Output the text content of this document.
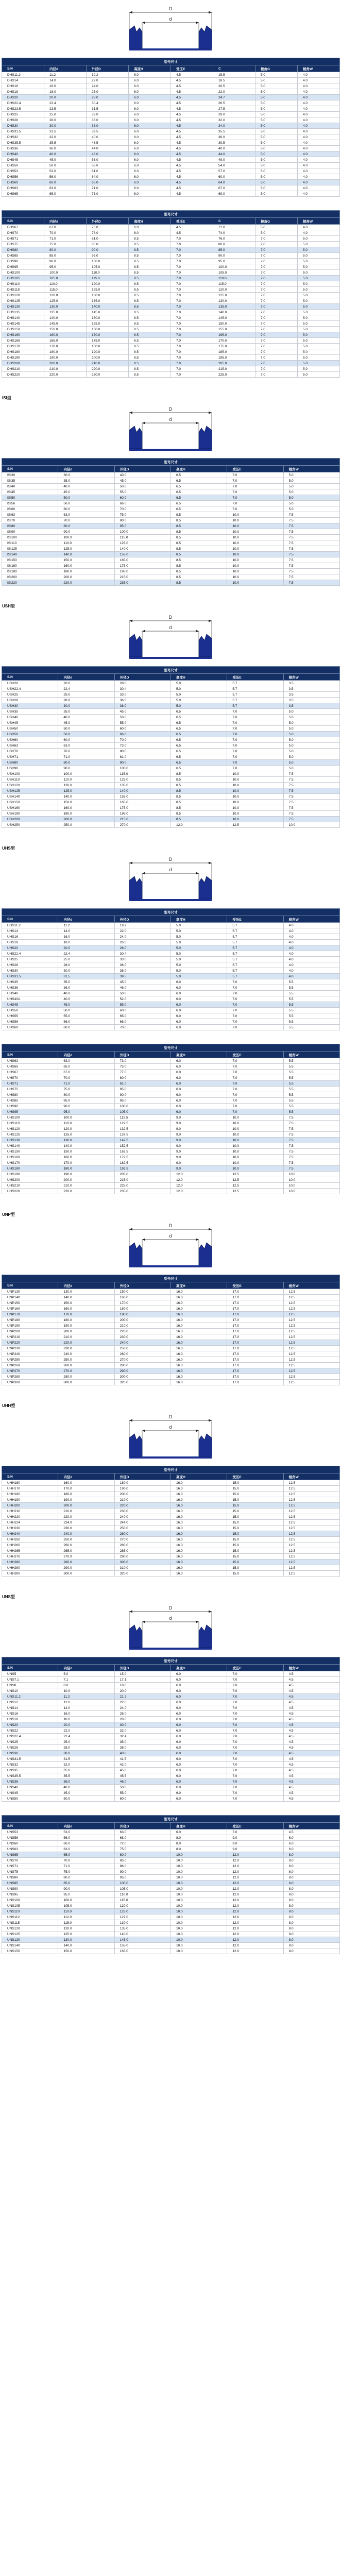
D
d
型号尺寸							
S/N	内径d	外径D	高度H	受压E	C	棱角G	棱角W
DHS11.2	11.2	19.2	6.0	4.5	15.5	5.0	4.0
DHS14	14.0	22.0	6.0	4.5	18.5	5.0	4.0
DHS16	16.0	24.0	6.0	4.5	20.5	5.0	4.0
DHS18	18.0	26.0	6.0	4.5	22.0	5.0	4.0
DHS20	20.0	28.0	6.0	4.5	24.7	5.0	4.0
DHS22.4	22.4	30.4	6.0	4.5	26.5	5.0	4.0
DHS23.5	23.5	31.5	6.0	4.5	27.5	5.0	4.0
DHS25	25.0	33.0	6.0	4.5	29.0	5.0	4.0
DHS28	28.0	36.0	6.0	4.5	32.0	5.0	4.0
DHS30	30.0	38.0	6.0	4.5	34.0	5.0	4.0
DHS31.5	31.5	39.5	6.0	4.5	35.5	5.0	4.0
DHS32	32.0	40.0	6.0	4.5	36.0	5.0	4.0
DHS35.5	35.5	43.5	6.0	4.5	39.5	5.0	4.0
DHS36	36.0	44.0	6.0	4.5	40.0	5.0	4.0
DHS40	40.0	48.0	6.0	4.5	44.0	5.0	4.0
DHS45	45.0	53.0	6.0	4.5	49.0	5.0	4.0
DHS50	50.0	58.0	6.0	4.5	54.0	5.0	4.0
DHS53	53.0	61.0	6.0	4.5	57.0	5.0	4.0
DHS56	56.0	64.0	6.0	4.5	60.0	5.0	4.0
DHS60	60.0	68.0	6.0	4.5	64.0	5.0	4.0
DHS63	63.0	71.0	6.0	4.5	67.0	5.0	4.0
DHS65	65.0	73.0	6.0	4.5	69.0	5.0	4.0
型号尺寸							
S/N	内径d	外径D	高度H	受压E	C	棱角G	棱角W
DHS67	67.0	75.0	6.0	4.5	71.0	5.0	4.0
DHS70	70.0	78.0	6.0	4.5	74.0	5.0	4.0
DHS71	71.0	81.0	8.5	7.0	76.0	7.0	5.0
DHS75	75.0	85.0	8.5	7.0	80.0	7.0	5.0
DHS80	80.0	90.0	8.5	7.0	85.0	7.0	5.0
DHS85	85.0	95.0	8.5	7.0	90.0	7.0	5.0
DHS90	90.0	100.0	8.5	7.0	95.0	7.0	5.0
DHS95	95.0	105.0	8.5	7.0	100.0	7.0	5.0
DHS100	100.0	110.0	8.5	7.0	105.0	7.0	5.0
DHS105	105.0	115.0	8.5	7.0	110.0	7.0	5.0
DHS110	110.0	120.0	8.5	7.0	115.0	7.0	5.0
DHS115	115.0	125.0	8.5	7.0	120.0	7.0	5.0
DHS120	120.0	130.0	8.5	7.0	125.0	7.0	5.0
DHS125	125.0	135.0	8.5	7.0	130.0	7.0	5.0
DHS130	130.0	140.0	8.5	7.0	135.0	7.0	5.0
DHS135	135.0	145.0	8.5	7.0	140.0	7.0	5.0
DHS140	140.0	150.0	8.5	7.0	145.0	7.0	5.0
DHS145	145.0	155.0	8.5	7.0	150.0	7.0	5.0
DHS150	150.0	160.0	8.5	7.0	155.0	7.0	5.0
DHS160	160.0	170.0	8.5	7.0	165.0	7.0	5.0
DHS165	165.0	175.0	8.5	7.0	170.0	7.0	5.0
DHS170	170.0	180.0	8.5	7.0	175.0	7.0	5.0
DHS180	180.0	190.0	8.5	7.0	185.0	7.0	5.0
DHS190	190.0	200.0	8.5	7.0	195.0	7.0	5.0
DHS200	200.0	210.0	8.5	7.0	205.0	7.0	5.0
DHS210	210.0	220.0	8.5	7.0	215.0	7.0	5.0
DHS220	220.0	230.0	8.5	7.0	225.0	7.0	5.0
ISI型
D
d
型号尺寸					
S/N	内径d	外径D	高度H	受压E	棱角W
ISI30	30.0	40.0	6.5	7.0	5.0
ISI35	35.0	45.0	6.5	7.0	5.0
ISI40	40.0	50.0	6.5	7.0	5.0
ISI45	45.0	55.0	6.5	7.0	5.0
ISI50	50.0	60.0	6.5	7.0	5.0
ISI56	56.0	66.0	6.5	7.0	5.0
ISI60	60.0	70.0	6.5	7.0	5.0
ISI63	63.0	75.0	8.5	10.0	7.5
ISI70	70.0	80.0	8.5	10.0	7.5
ISI80	80.0	95.0	8.5	10.0	7.5
ISI90	90.0	100.0	8.5	10.0	7.5
ISI100	100.0	115.0	8.5	10.0	7.5
ISI110	110.0	125.0	8.5	10.0	7.5
ISI125	125.0	140.0	8.5	10.0	7.5
ISI140	140.0	155.0	8.5	10.0	7.5
ISI150	150.0	165.0	8.5	10.0	7.5
ISI160	160.0	175.0	8.5	10.0	7.5
ISI180	180.0	195.0	8.5	10.0	7.5
ISI200	200.0	215.0	8.5	10.0	7.5
ISI220	220.0	235.0	8.5	10.0	7.5
USH型
D
d
型号尺寸					
S/N	内径d	外径D	高度H	受压E	棱角W
USH20	20.0	28.0	5.0	5.7	3.5
USH22.4	22.4	30.4	5.0	5.7	3.5
USH25	25.0	33.0	5.0	5.7	3.5
USH28	28.0	36.0	5.0	5.7	3.5
USH30	30.0	38.0	5.0	5.7	3.5
USH35	35.0	45.0	6.5	7.0	5.0
USH40	40.0	50.0	6.5	7.0	5.0
USH45	45.0	55.0	6.5	7.0	5.0
USH50	50.0	60.0	6.5	7.0	5.0
USH56	56.0	66.0	6.5	7.0	5.0
USH60	60.0	70.0	6.5	7.0	5.0
USH63	63.0	73.0	6.5	7.0	5.0
USH70	70.0	80.0	6.5	7.0	5.0
USH71	71.0	81.0	6.5	7.0	5.0
USH80	80.0	90.0	6.5	7.0	5.0
USH90	90.0	100.0	6.5	7.0	5.0
USH100	100.0	115.0	8.5	10.0	7.5
USH110	110.0	125.0	8.5	10.0	7.5
USH120	120.0	135.0	8.5	10.0	7.5
USH125	125.0	140.0	8.5	10.0	7.5
USH140	140.0	155.0	8.5	10.0	7.5
USH150	150.0	165.0	8.5	10.0	7.5
USH160	160.0	175.0	8.5	10.0	7.5
USH180	180.0	195.0	8.5	10.0	7.5
USH200	200.0	215.0	8.5	10.0	7.5
USH250	250.0	270.0	12.0	12.5	10.0
UHS型
D
d
型号尺寸					
S/N	内径d	外径D	高度H	受压E	棱角W
UHS11.2	11.2	19.2	5.0	5.7	4.0
UHS14	14.0	22.0	5.0	5.7	4.0
UHS16	16.0	24.0	5.0	5.7	4.0
UHS18	18.0	26.0	5.0	5.7	4.0
UHS20	20.0	28.0	5.0	5.7	4.0
UHS22.4	22.4	30.4	5.0	5.7	4.0
UHS25	25.0	33.0	5.0	5.7	4.0
UHS28	28.0	36.0	5.0	5.7	4.0
UHS30	30.0	38.0	5.0	5.7	4.0
UHS31.5	31.5	39.5	5.0	5.7	4.0
UHS35	35.0	45.0	6.0	7.0	5.5
UHS36	36.0	46.0	6.0	7.0	5.5
UHS40	40.0	50.0	6.0	7.0	5.5
UHS40A	40.0	52.0	6.0	7.0	5.5
UHS45	45.0	55.0	6.0	7.0	5.5
UHS50	50.0	60.0	6.0	7.0	5.5
UHS55	55.0	65.0	6.0	7.0	5.5
UHS56	56.0	66.0	6.0	7.0	5.5
UHS60	60.0	70.0	6.0	7.0	5.5
型号尺寸					
S/N	内径d	外径D	高度H	受压E	棱角W
UHS63	63.0	73.0	6.0	7.0	5.5
UHS65	65.0	75.0	6.0	7.0	5.5
UHS67	67.0	77.0	6.0	7.0	5.5
UHS70	70.0	80.0	6.0	7.0	5.5
UHS71	71.0	81.0	6.0	7.0	5.5
UHS75	75.0	85.0	6.0	7.0	5.5
UHS80	80.0	90.0	6.0	7.0	5.5
UHS85	85.0	95.0	6.0	7.0	5.5
UHS90	90.0	100.0	6.0	7.0	5.5
UHS95	95.0	105.0	6.0	7.0	5.5
UHS100	100.0	112.5	9.0	10.0	7.5
UHS110	110.0	122.5	9.0	10.0	7.5
UHS120	120.0	132.5	9.0	10.0	7.5
UHS125	125.0	137.5	9.0	10.0	7.5
UHS130	130.0	142.5	9.0	10.0	7.5
UHS140	140.0	152.5	9.0	10.0	7.5
UHS150	150.0	162.5	9.0	10.0	7.5
UHS160	160.0	172.5	9.0	10.0	7.5
UHS170	170.0	182.5	9.0	10.0	7.5
UHS180	180.0	192.5	9.0	10.0	7.5
UHS190	190.0	205.0	12.0	12.5	10.0
UHS200	200.0	215.0	12.0	12.5	10.0
UHS210	210.0	225.0	12.0	12.5	10.0
UHS220	220.0	235.0	12.0	12.5	10.0
UNP型
D
d
型号尺寸					
S/N	内径d	外径D	高度H	受压E	棱角W
UNP130	130.0	150.0	16.0	17.0	12.5
UNP140	140.0	160.0	16.0	17.0	12.5
UNP150	150.0	170.0	16.0	17.0	12.5
UNP160	160.0	180.0	16.0	17.0	12.5
UNP170	170.0	190.0	16.0	17.0	12.5
UNP180	180.0	200.0	16.0	17.0	12.5
UNP190	190.0	210.0	16.0	17.0	12.5
UNP200	200.0	220.0	16.0	17.0	12.5
UNP210	210.0	230.0	16.0	17.0	12.5
UNP220	220.0	240.0	16.0	17.0	12.5
UNP230	230.0	250.0	16.0	17.0	12.5
UNP240	240.0	260.0	16.0	17.0	12.5
UNP250	250.0	270.0	16.0	17.0	12.5
UNP260	260.0	280.0	16.0	17.0	12.5
UNP270	270.0	290.0	16.0	17.0	12.5
UNP280	280.0	300.0	16.0	17.0	12.5
UNP300	300.0	320.0	16.0	17.0	12.5
UHH型
D
d
型号尺寸					
S/N	内径d	外径D	高度H	受压E	棱角W
UHH160	160.0	180.0	16.0	15.0	12.5
UHH170	170.0	190.0	16.0	15.0	12.5
UHH180	180.0	200.0	16.0	15.0	12.5
UHH190	190.0	210.0	16.0	15.0	12.5
UHH200	200.0	220.0	16.0	15.0	12.5
UHH210	210.0	230.0	16.0	15.0	12.5
UHH220	220.0	240.0	16.0	15.0	12.5
UHH224	224.0	244.0	16.0	15.0	12.5
UHH230	230.0	250.0	16.0	15.0	12.5
UHH240	240.0	260.0	16.0	15.0	12.5
UHH250	250.0	270.0	16.0	15.0	12.5
UHH260	260.0	280.0	16.0	15.0	12.5
UHH265	265.0	285.0	16.0	15.0	12.5
UHH270	270.0	290.0	16.0	15.0	12.5
UHH280	280.0	300.0	16.0	15.0	12.5
UHH290	290.0	310.0	16.0	15.0	12.5
UHH300	300.0	320.0	16.0	15.0	12.5
UNS型
D
d
型号尺寸					
S/N	内径d	外径D	高度H	受压E	棱角W
UNS5	5.0	15.0	6.0	7.0	4.5
UNS7.1	7.1	17.1	6.0	7.0	4.5
UNS8	8.0	18.0	6.0	7.0	4.5
UNS10	10.0	20.0	6.0	7.0	4.5
UNS11.2	11.2	21.2	6.0	7.0	4.5
UNS12	12.0	22.0	6.0	7.0	4.5
UNS14	14.0	24.0	6.0	7.0	4.5
UNS16	16.0	26.0	6.0	7.0	4.5
UNS18	18.0	28.0	6.0	7.0	4.5
UNS20	20.0	30.0	6.0	7.0	4.5
UNS22	22.0	32.0	6.0	7.0	4.5
UNS22.4	22.4	32.4	6.0	7.0	4.5
UNS25	25.0	35.0	6.0	7.0	4.5
UNS28	28.0	38.0	6.0	7.0	4.5
UNS30	30.0	40.0	6.0	7.0	4.5
UNS31.5	31.5	41.5	6.0	7.0	4.5
UNS32	32.0	42.0	6.0	7.0	4.5
UNS35	35.0	45.0	6.0	7.0	4.5
UNS35.5	35.5	45.5	6.0	7.0	4.5
UNS36	36.0	46.0	6.0	7.0	4.5
UNS40	40.0	50.0	6.0	7.0	4.5
UNS45	45.0	55.0	6.0	7.0	4.5
UNS50	50.0	60.0	6.0	7.0	4.5
型号尺寸					
S/N	内径d	外径D	高度H	受压E	棱角W
UNS53	53.0	63.0	6.0	7.0	4.5
UNS56	56.0	68.0	8.0	9.0	6.0
UNS60	60.0	72.0	8.0	9.0	6.0
UNS63	63.0	75.0	8.0	9.0	6.0
UNS65	65.0	80.0	10.0	12.0	8.0
UNS70	70.0	85.0	10.0	12.0	8.0
UNS71	71.0	86.0	10.0	12.0	8.0
UNS75	75.0	90.0	10.0	12.0	8.0
UNS80	80.0	95.0	10.0	12.0	8.0
UNS85	85.0	100.0	10.0	12.0	8.0
UNS90	90.0	105.0	10.0	12.0	8.0
UNS95	95.0	110.0	10.0	12.0	8.0
UNS100	100.0	115.0	10.0	12.0	8.0
UNS105	105.0	120.0	10.0	12.0	8.0
UNS110	110.0	125.0	10.0	12.0	8.0
UNS112	112.0	127.0	10.0	12.0	8.0
UNS115	115.0	130.0	10.0	12.0	8.0
UNS120	120.0	135.0	10.0	12.0	8.0
UNS125	125.0	140.0	10.0	12.0	8.0
UNS130	130.0	145.0	10.0	12.0	8.0
UNS140	140.0	155.0	10.0	12.0	8.0
UNS150	150.0	165.0	10.0	12.0	8.0
